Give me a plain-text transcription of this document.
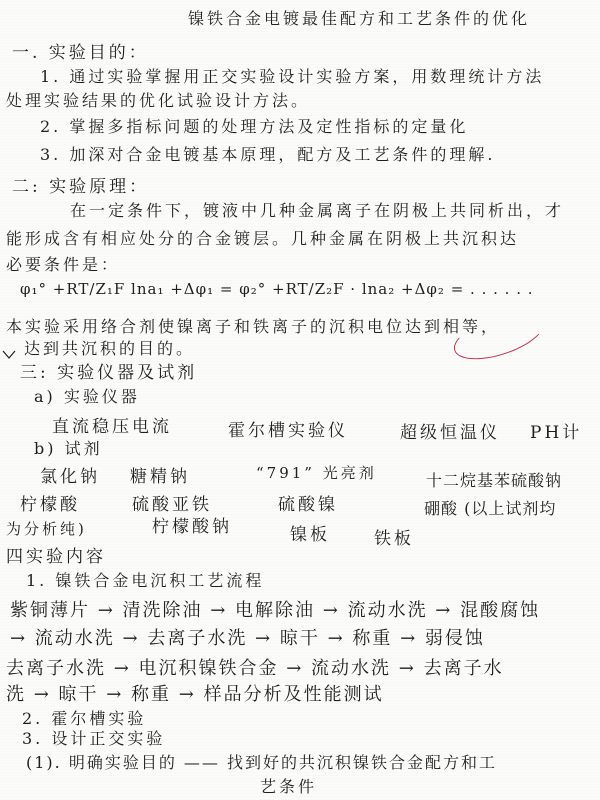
镍铁合金电镀最佳配方和工艺条件的优化
一. 实验目的：
1. 通过实验掌握用正交实验设计实验方案，用数理统计方法
处理实验结果的优化试验设计方法。
2. 掌握多指标问题的处理方法及定性指标的定量化
3. 加深对合金电镀基本原理，配方及工艺条件的理解.
二: 实验原理：
在一定条件下，镀液中几种金属离子在阴极上共同析出，才
能形成含有相应处分的合金镀层。几种金属在阴极上共沉积达
必要条件是：
φ₁° +RT/Z₁F lna₁ +Δφ₁ = φ₂° +RT/Z₂F · lna₂ +Δφ₂ = . . . . . .
本实验采用络合剂使镍离子和铁离子的沉积电位达到相等，
达到共沉积的目的。
三: 实验仪器及试剂
a) 实验仪器
直流稳压电流	霍尔槽实验仪	超级恒温仪 PH计
b) 试剂
氯化钠 糖精钠	“791” 光亮剂	十二烷基苯硫酸钠
柠檬酸	硫酸亚铁	硫酸镍	硼酸 (以上试剂均
为分析纯)	柠檬酸钠	镍板	铁板
四实验内容
1. 镍铁合金电沉积工艺流程
紫铜薄片 → 清洗除油 → 电解除油 → 流动水洗 → 混酸腐蚀
→ 流动水洗 → 去离子水洗 → 晾干 → 称重 → 弱侵蚀
去离子水洗 → 电沉积镍铁合金 → 流动水洗 → 去离子水
洗 → 晾干 → 称重 → 样品分析及性能测试
2. 霍尔槽实验
3. 设计正交实验
(1). 明确实验目的 —— 找到好的共沉积镍铁合金配方和工
艺条件
